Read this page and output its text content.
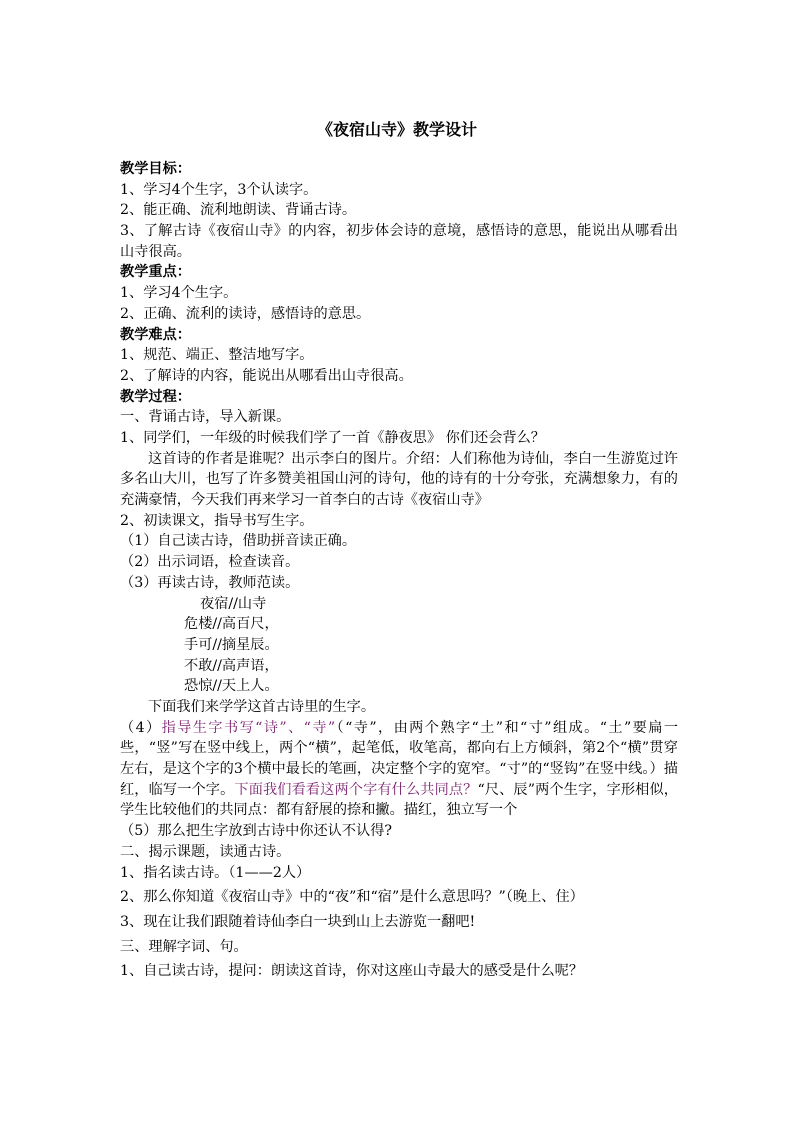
《夜宿山寺》教学设计
教学目标：
1、学习4个生字，3个认读字。
2、能正确、流利地朗读、背诵古诗。
3、了解古诗《夜宿山寺》的内容，初步体会诗的意境，感悟诗的意思，能说出从哪看出山寺很高。
教学重点：
1、学习4个生字。
2、正确、流利的读诗，感悟诗的意思。
教学难点：
1、规范、端正、整洁地写字。
2、了解诗的内容，能说出从哪看出山寺很高。
教学过程：
一、背诵古诗，导入新课。
1、同学们，一年级的时候我们学了一首《静夜思》 你们还会背么？
这首诗的作者是谁呢？出示李白的图片。介绍：人们称他为诗仙，李白一生游览过许多名山大川，也写了许多赞美祖国山河的诗句，他的诗有的十分夸张，充满想象力，有的充满豪情，今天我们再来学习一首李白的古诗《夜宿山寺》
2、初读课文，指导书写生字。
（1）自己读古诗，借助拼音读正确。
（2）出示词语，检查读音。
（3）再读古诗，教师范读。
夜宿//山寺
危楼//高百尺，
手可//摘星辰。
不敢//高声语，
恐惊//天上人。
下面我们来学学这首古诗里的生字。
（4）指导生字书写“诗”、“寺”（“寺”，由两个熟字“土”和“寸”组成。“土”要扁一些，“竖”写在竖中线上，两个“横”，起笔低，收笔高，都向右上方倾斜，第2个“横”贯穿左右，是这个字的3个横中最长的笔画，决定整个字的宽窄。“寸”的“竖钩”在竖中线。）描红，临写一个字。下面我们看看这两个字有什么共同点？“尺、辰”两个生字，字形相似，学生比较他们的共同点：都有舒展的捺和撇。描红，独立写一个
（5）那么把生字放到古诗中你还认不认得?
二、揭示课题，读通古诗。
1、指名读古诗。（1——2人）
2、那么你知道《夜宿山寺》中的“夜”和“宿”是什么意思吗？”（晚上、住）
3、现在让我们跟随着诗仙李白一块到山上去游览一翻吧!
三、理解字词、句。
1、自己读古诗，提问：朗读这首诗，你对这座山寺最大的感受是什么呢？
